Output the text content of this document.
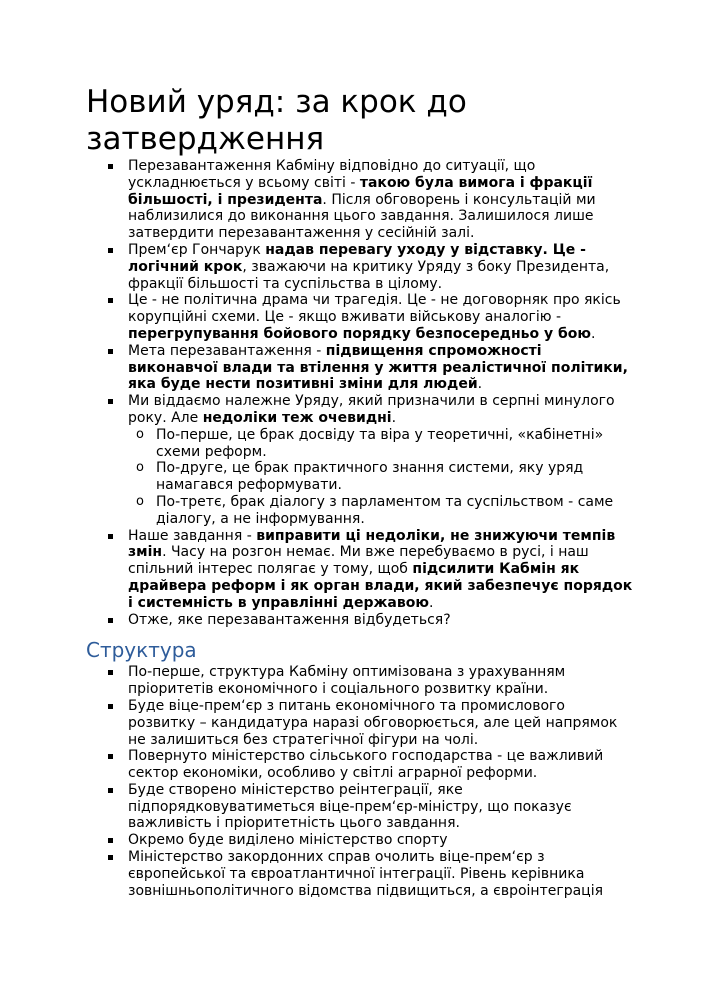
Новий уряд: за крок до затвердження
Перезавантаження Кабміну відповідно до ситуації, що ускладнюється у всьому світі - такою була вимога і фракції більшості, і президента. Після обговорень і консультацій ми наблизилися до виконання цього завдання. Залишилося лише затвердити перезавантаження у сесійній залі.
Прем‘єр Гончарук надав перевагу уходу у відставку. Це - логічний крок, зважаючи на критику Уряду з боку Президента, фракції більшості та суспільства в цілому.
Це - не політична драма чи трагедія. Це - не договорняк про якісь корупційні схеми. Це - якщо вживати військову аналогію - перегрупування бойового порядку безпосередньо у бою.
Мета перезавантаження - підвищення спроможності виконавчої влади та втілення у життя реалістичної політики, яка буде нести позитивні зміни для людей.
Ми віддаємо належне Уряду, який призначили в серпні минулого року. Але недоліки теж очевидні.
o По-перше, це брак досвіду та віра у теоретичні, «кабінетні» схеми реформ.
o По-друге, це брак практичного знання системи, яку уряд намагався реформувати.
o По-третє, брак діалогу з парламентом та суспільством - саме діалогу, а не інформування.
Наше завдання - виправити ці недоліки, не знижуючи темпів змін. Часу на розгон немає. Ми вже перебуваємо в русі, і наш спільний інтерес полягає у тому, щоб підсилити Кабмін як драйвера реформ і як орган влади, який забезпечує порядок і системність в управлінні державою.
Отже, яке перезавантаження відбудеться?
Структура
По-перше, структура Кабміну оптимізована з урахуванням пріоритетів економічного і соціального розвитку країни.
Буде віце-прем‘єр з питань економічного та промислового розвитку – кандидатура наразі обговорюється, але цей напрямок не залишиться без стратегічної фігури на чолі.
Повернуто міністерство сільського господарства - це важливий сектор економіки, особливо у світлі аграрної реформи.
Буде створено міністерство реінтеграції, яке підпорядковуватиметься віце-прем‘єр-міністру, що показує важливість і пріоритетність цього завдання.
Окремо буде виділено міністерство спорту
Міністерство закордонних справ очолить віце-прем‘єр з європейської та євроатлантичної інтеграції. Рівень керівника зовнішньополітичного відомства підвищиться, а євроінтеграція
